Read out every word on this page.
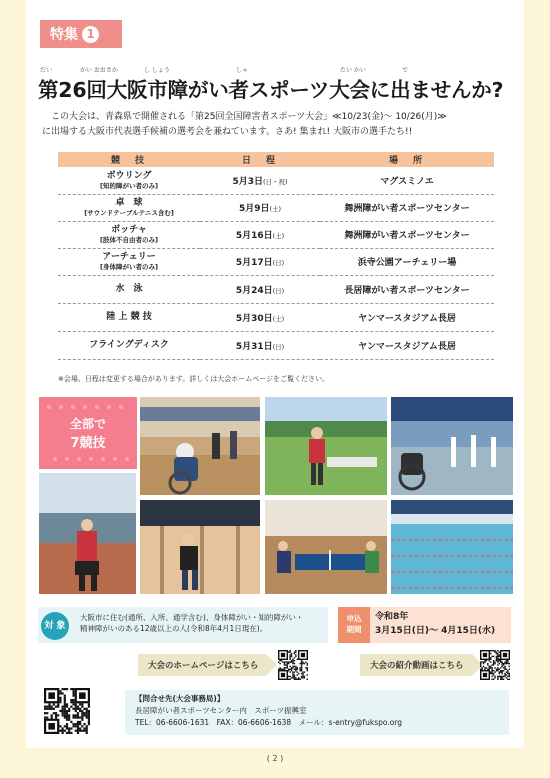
特集 1
だい	かい おおさか	し しょう	しゃ	たい かい	で
第26回大阪市障がい者スポーツ大会に出ませんか?

この大会は、青森県で開催される「第25回全国障害者スポーツ大会」≪10/23(金)～ 10/26(月)≫

に出場する大阪市代表選手候補の選考会を兼ねています。さあ! 集まれ! 大阪市の選手たち!!

競　技	日　程	場　所
ボウリング
[知的障がい者のみ]	5月3日(日・祝)	マグスミノエ
卓　球
[サウンドテーブルテニス含む]	5月9日(土)	舞洲障がい者スポーツセンター
ボッチャ
[肢体不自由者のみ]	5月16日(土)	舞洲障がい者スポーツセンター
アーチェリー
[身体障がい者のみ]	5月17日(日)	浜寺公園アーチェリー場
水　泳	5月24日(日)	長居障がい者スポーツセンター
陸 上 競 技	5月30日(土)	ヤンマースタジアム長居
フライングディスク	5月31日(日)	ヤンマースタジアム長居
※会場、日程は変更する場合があります。詳しくは大会ホームページをご覧ください。
全部で
7競技
対 象
大阪市に住む(通所、入所、通学含む)、身体障がい・知的障がい・
精神障がいのある12歳以上の人(令和8年4月1日現在)。
申込
期間
令和8年
3月15日(日)～ 4月15日(水)
大会のホームページはこちら	大会の紹介動画はこちら
【問合せ先(大会事務局)】
長居障がい者スポーツセンター内　スポーツ振興室
TEL：06-6606-1631　FAX：06-6606-1638　メール：s-entry@fukspo.org
( 2 )
